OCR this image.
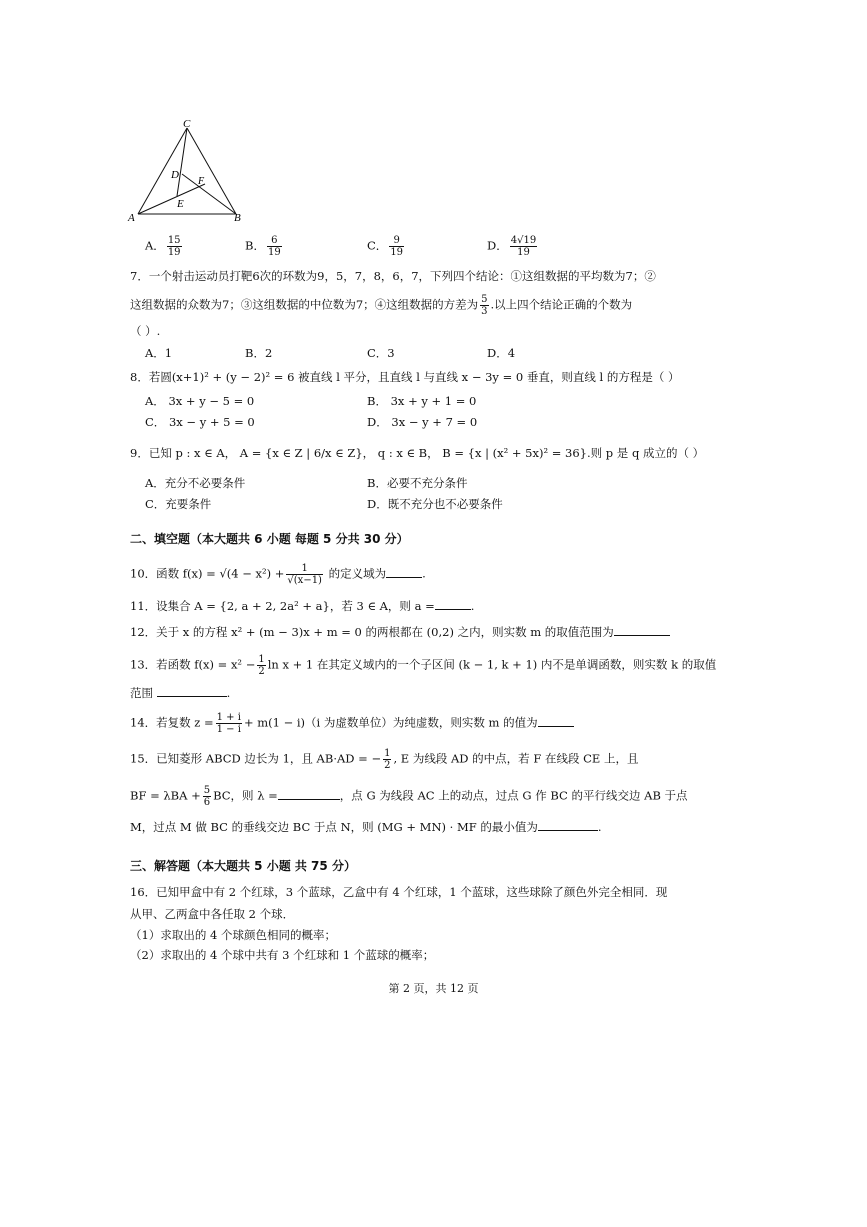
C
D
F
E
A	B
A． $\frac{15}{19}$	B． $\frac{6}{19}$	C． $\frac{9}{19}$	D． $\frac{4√19}{19}$
7．一个射击运动员打靶6次的环数为9，5，7，8，6，7，下列四个结论：①这组数据的平均数为7；②
这组数据的众数为7；③这组数据的中位数为7；④这组数据的方差为 $\frac{5}{3}$ .以上四个结论正确的个数为
（ ）.
A．1	B．2	C．3	D．4
8．若圆(x+1)² + (y − 2)² = 6 被直线 l 平分，且直线 l 与直线 x − 3y = 0 垂直，则直线 l 的方程是（ ）
A． 3x + y − 5 = 0	B． 3x + y + 1 = 0
C． 3x − y + 5 = 0	D． 3x − y + 7 = 0
9．已知 p : x ∈ A， A = {x ∈ Z | 6/x ∈ Z}， q : x ∈ B， B = {x | (x² + 5x)² = 36}.则 p 是 q 成立的（ ）
A．充分不必要条件	B．必要不充分条件
C．充要条件	D．既不充分也不必要条件
二、填空题（本大题共 6 小题 每题 5 分共 30 分）
10．函数 $f(x) = √(4 - x^2) + \frac{1}{√(x-1)}$ 的定义域为	.
11．设集合 A = {2, a + 2, 2a² + a}，若 3 ∈ A，则 a =	.
12．关于 x 的方程 x² + (m − 3)x + m = 0 的两根都在 (0,2) 之内，则实数 m 的取值范围为
13．若函数 $f(x) = x^2 - \frac{1}{2}$ ln x + 1 在其定义域内的一个子区间 (k − 1, k + 1) 内不是单调函数，则实数 k 的取值
范围	.
14．若复数 $z = \frac{1 + i}{1 - i} + m(1 - i)(i$ 为虚数单位）为纯虚数，则实数 m 的值为
15．已知菱形 ABCD 边长为 1，且 AB·AD = − $\frac{1}{2}$ , E 为线段 AD 的中点，若 F 在线段 CE 上，且
BF = $\lambda BA + \frac{5}{6}$ BC，则 λ =	，点 G 为线段 AC 上的动点，过点 G 作 BC 的平行线交边 AB 于点
M，过点 M 做 BC 的垂线交边 BC 于点 N，则 (MG + MN) · MF 的最小值为	.
三、解答题（本大题共 5 小题 共 75 分）
16．已知甲盒中有 2 个红球，3 个蓝球，乙盒中有 4 个红球，1 个蓝球，这些球除了颜色外完全相同．现
从甲、乙两盒中各任取 2 个球．
（1）求取出的 4 个球颜色相同的概率；
（2）求取出的 4 个球中共有 3 个红球和 1 个蓝球的概率；
第 2 页，共 12 页
